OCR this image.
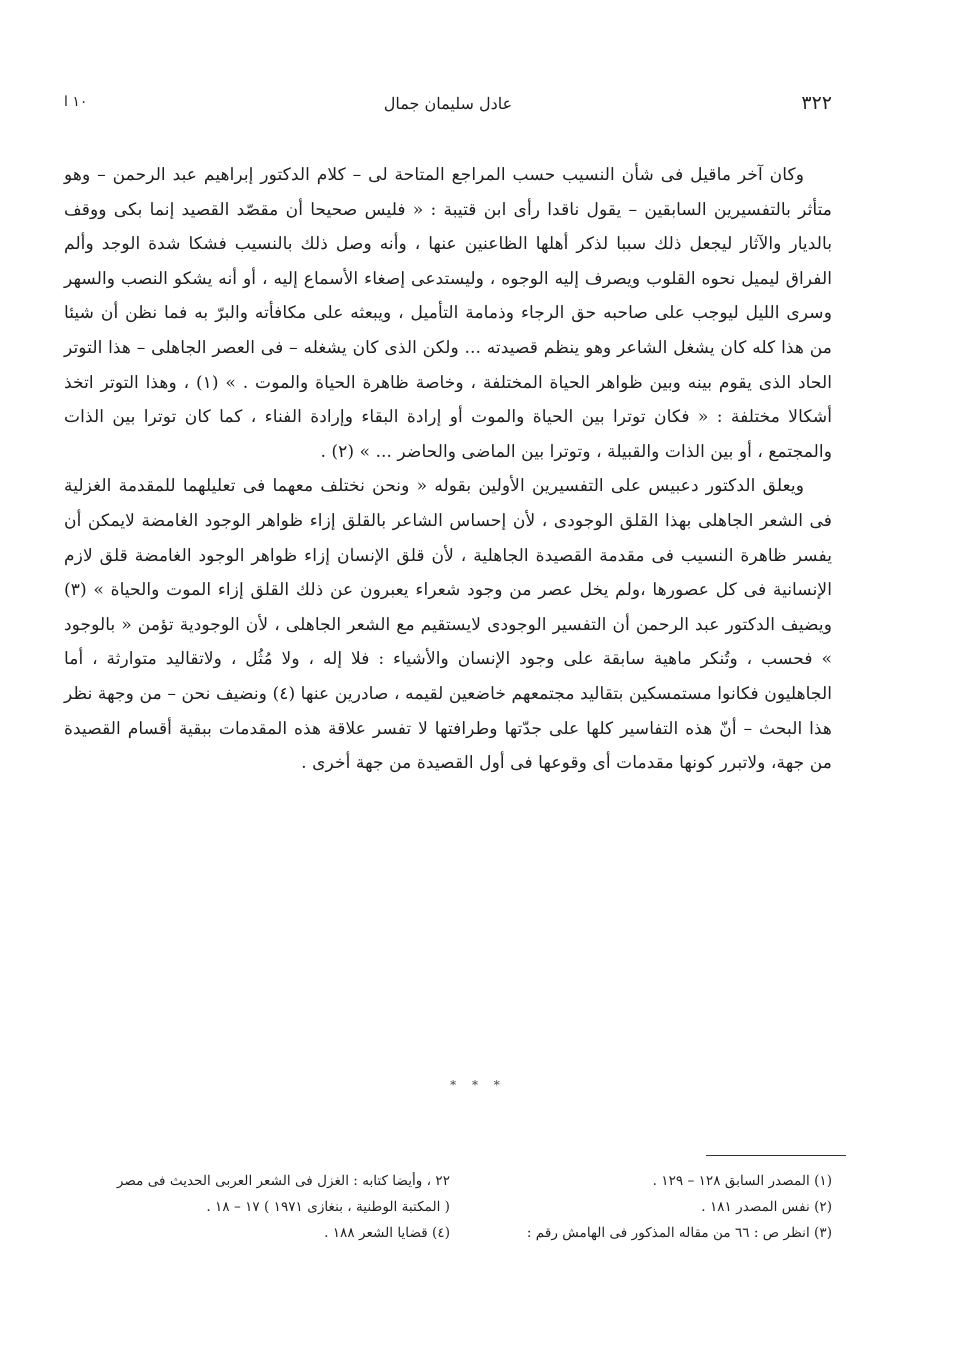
٣٢٢
عادل سليمان جمال
١٠ ا

وكان آخر ماقيل فى شأن النسيب حسب المراجع المتاحة لى – كلام الدكتور إبراهيم عبد الرحمن – وهو متأثر بالتفسيرين السابقين – يقول ناقدا رأى ابن قتيبة : « فليس صحيحا أن مقصّد القصيد إنما بكى ووقف بالديار والآثار ليجعل ذلك سببا لذكر أهلها الظاعنين عنها ، وأنه وصل ذلك بالنسيب فشكا شدة الوجد وألم الفراق ليميل نحوه القلوب ويصرف إليه الوجوه ، وليستدعى إصغاء الأسماع إليه ، أو أنه يشكو النصب والسهر وسرى الليل ليوجب على صاحبه حق الرجاء وذمامة التأميل ، ويبعثه على مكافأته والبرّ به فما نظن أن شيئا من هذا كله كان يشغل الشاعر وهو ينظم قصيدته ... ولكن الذى كان يشغله – فى العصر الجاهلى – هذا التوتر الحاد الذى يقوم بينه وبين ظواهر الحياة المختلفة ، وخاصة ظاهرة الحياة والموت . » (١) ، وهذا التوتر اتخذ أشكالا مختلفة : « فكان توترا بين الحياة والموت أو إرادة البقاء وإرادة الفناء ، كما كان توترا بين الذات والمجتمع ، أو بين الذات والقبيلة ، وتوترا بين الماضى والحاضر ... » (٢) .

ويعلق الدكتور دعبيس على التفسيرين الأولين بقوله « ونحن نختلف معهما فى تعليلهما للمقدمة الغزلية فى الشعر الجاهلى بهذا القلق الوجودى ، لأن إحساس الشاعر بالقلق إزاء ظواهر الوجود الغامضة لايمكن أن يفسر ظاهرة النسيب فى مقدمة القصيدة الجاهلية ، لأن قلق الإنسان إزاء ظواهر الوجود الغامضة قلق لازم الإنسانية فى كل عصورها ،ولم يخل عصر من وجود شعراء يعبرون عن ذلك القلق إزاء الموت والحياة » (٣) ويضيف الدكتور عبد الرحمن أن التفسير الوجودى لايستقيم مع الشعر الجاهلى ، لأن الوجودية تؤمن « بالوجود » فحسب ، وتُنكر ماهية سابقة على وجود الإنسان والأشياء : فلا إله ، ولا مُثُل ، ولاتقاليد متوارثة ، أما الجاهليون فكانوا مستمسكين بتقاليد مجتمعهم خاضعين لقيمه ، صادرين عنها (٤) ونضيف نحن – من وجهة نظر هذا البحث – أنّ هذه التفاسير كلها على جدّتها وطرافتها لا تفسر علاقة هذه المقدمات ببقية أقسام القصيدة من جهة، ولاتبرر كونها مقدمات أى وقوعها فى أول القصيدة من جهة أخرى .

* * *
(١) المصدر السابق ١٢٨ – ١٢٩ .
(٢) نفس المصدر ١٨١ .
(٣) انظر ص : ٦٦ من مقاله المذكور فى الهامش رقم :
٢٢ ، وأيضا كتابه : الغزل فى الشعر العربى الحديث فى مصر
( المكتبة الوطنية ، بنغازى ١٩٧١ ) ١٧ – ١٨ .
(٤) قضايا الشعر ١٨٨ .
